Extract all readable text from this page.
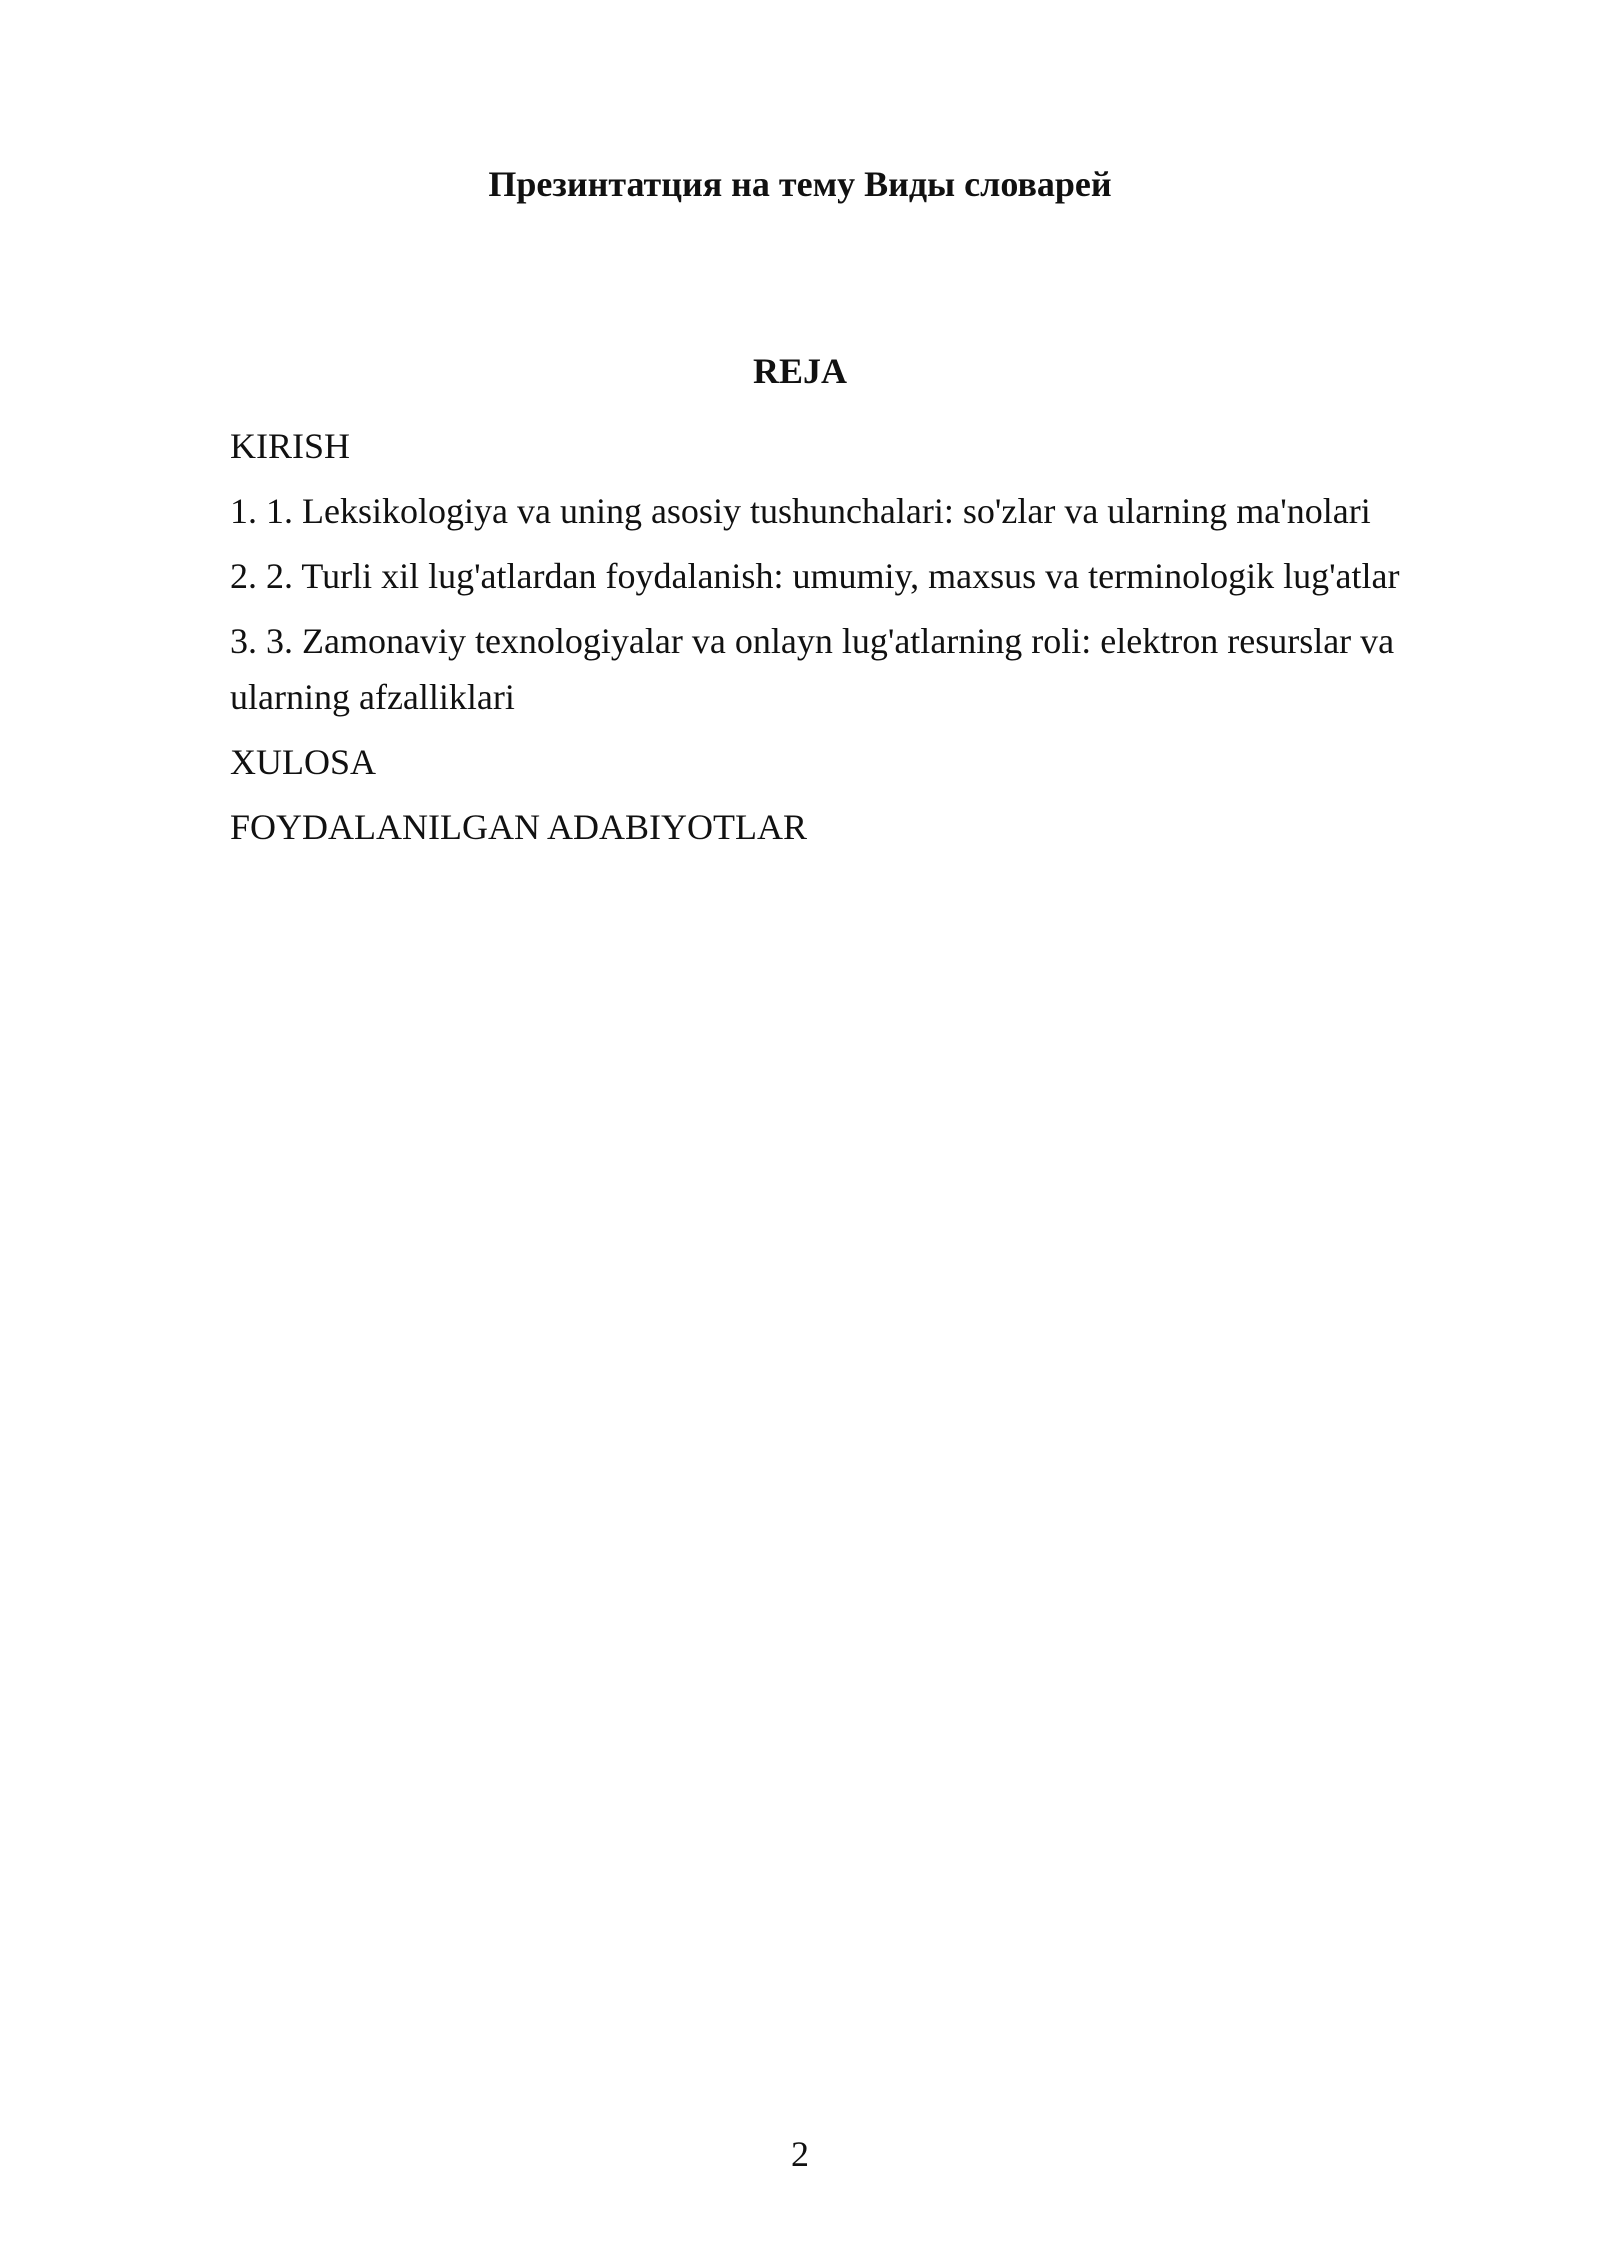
Презинтатция на тему Виды словарей
REJA
KIRISH
1. 1. Leksikologiya va uning asosiy tushunchalari: so'zlar va ularning ma'nolari
2. 2. Turli xil lug'atlardan foydalanish: umumiy, maxsus va terminologik lug'atlar
3. 3. Zamonaviy texnologiyalar va onlayn lug'atlarning roli: elektron resurslar va ularning afzalliklari
XULOSA
FOYDALANILGAN ADABIYOTLAR
2
